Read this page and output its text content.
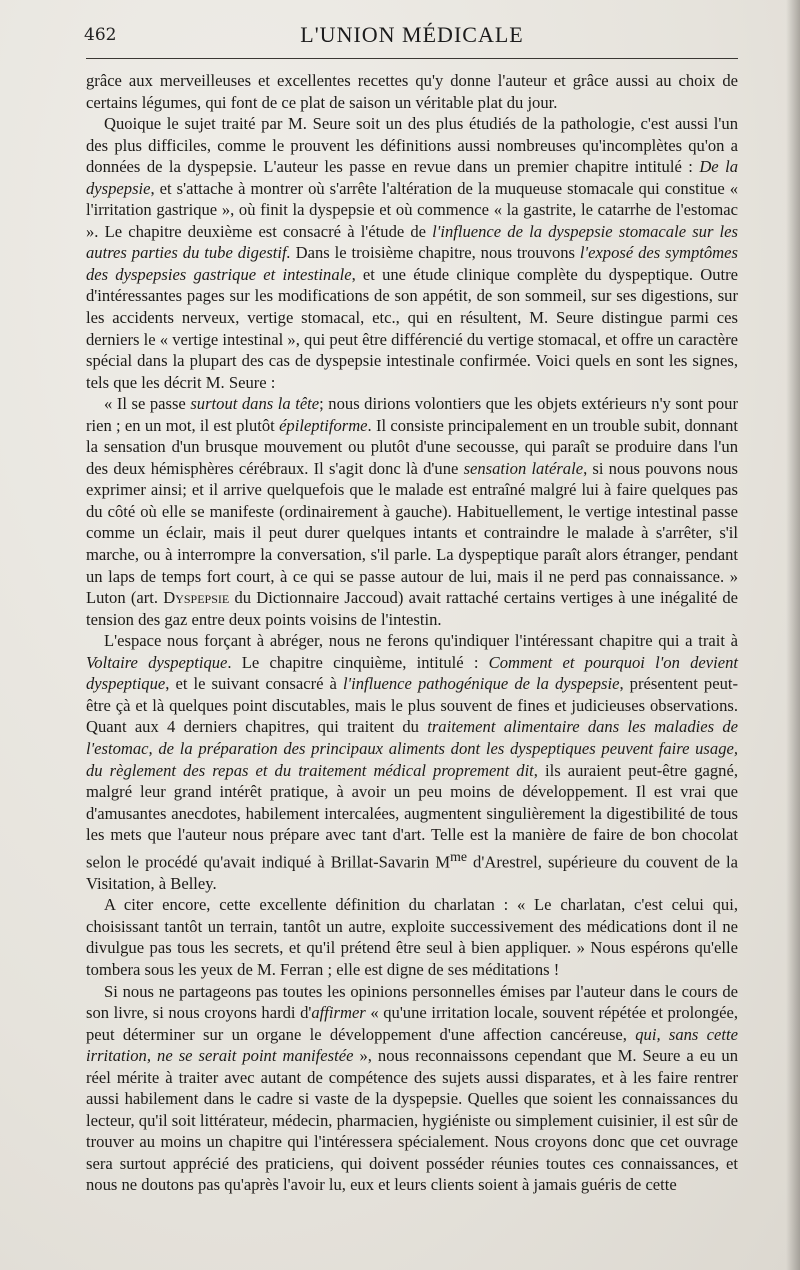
462	L'UNION MÉDICALE

grâce aux merveilleuses et excellentes recettes qu'y donne l'auteur et grâce aussi au choix de certains légumes, qui font de ce plat de saison un véritable plat du jour.

Quoique le sujet traité par M. Seure soit un des plus étudiés de la pathologie, c'est aussi l'un des plus difficiles, comme le prouvent les définitions aussi nombreuses qu'incomplètes qu'on a données de la dyspepsie. L'auteur les passe en revue dans un premier chapitre intitulé : De la dyspepsie, et s'attache à montrer où s'arrête l'altération de la muqueuse stomacale qui constitue « l'irritation gastrique », où finit la dyspepsie et où commence « la gastrite, le catarrhe de l'estomac ». Le chapitre deuxième est consacré à l'étude de l'influence de la dyspepsie stomacale sur les autres parties du tube digestif. Dans le troisième chapitre, nous trouvons l'exposé des symptômes des dyspepsies gastrique et intestinale, et une étude clinique complète du dyspeptique. Outre d'intéressantes pages sur les modifications de son appétit, de son sommeil, sur ses digestions, sur les accidents nerveux, vertige stomacal, etc., qui en résultent, M. Seure distingue parmi ces derniers le « vertige intestinal », qui peut être différencié du vertige stomacal, et offre un caractère spécial dans la plupart des cas de dyspepsie intestinale confirmée. Voici quels en sont les signes, tels que les décrit M. Seure :

« Il se passe surtout dans la tête; nous dirions volontiers que les objets extérieurs n'y sont pour rien ; en un mot, il est plutôt épileptiforme. Il consiste principalement en un trouble subit, donnant la sensation d'un brusque mouvement ou plutôt d'une secousse, qui paraît se produire dans l'un des deux hémisphères cérébraux. Il s'agit donc là d'une sensation latérale, si nous pouvons nous exprimer ainsi; et il arrive quelquefois que le malade est entraîné malgré lui à faire quelques pas du côté où elle se manifeste (ordinairement à gauche). Habituellement, le vertige intestinal passe comme un éclair, mais il peut durer quelques intants et contraindre le malade à s'arrêter, s'il marche, ou à interrompre la conversation, s'il parle. La dyspeptique paraît alors étranger, pendant un laps de temps fort court, à ce qui se passe autour de lui, mais il ne perd pas connaissance. » Luton (art. Dyspepsie du Dictionnaire Jaccoud) avait rattaché certains vertiges à une inégalité de tension des gaz entre deux points voisins de l'intestin.

L'espace nous forçant à abréger, nous ne ferons qu'indiquer l'intéressant chapitre qui a trait à Voltaire dyspeptique. Le chapitre cinquième, intitulé : Comment et pourquoi l'on devient dyspeptique, et le suivant consacré à l'influence pathogénique de la dyspepsie, présentent peut-être çà et là quelques point discutables, mais le plus souvent de fines et judicieuses observations. Quant aux 4 derniers chapitres, qui traitent du traitement alimentaire dans les maladies de l'estomac, de la préparation des principaux aliments dont les dyspeptiques peuvent faire usage, du règlement des repas et du traitement médical proprement dit, ils auraient peut-être gagné, malgré leur grand intérêt pratique, à avoir un peu moins de développement. Il est vrai que d'amusantes anecdotes, habilement intercalées, augmentent singulièrement la digestibilité de tous les mets que l'auteur nous prépare avec tant d'art. Telle est la manière de faire de bon chocolat selon le procédé qu'avait indiqué à Brillat-Savarin $M^{me}$ d'Arestrel, supérieure du couvent de la Visitation, à Belley.

A citer encore, cette excellente définition du charlatan : « Le charlatan, c'est celui qui, choisissant tantôt un terrain, tantôt un autre, exploite successivement des médications dont il ne divulgue pas tous les secrets, et qu'il prétend être seul à bien appliquer. » Nous espérons qu'elle tombera sous les yeux de M. Ferran ; elle est digne de ses méditations !

Si nous ne partageons pas toutes les opinions personnelles émises par l'auteur dans le cours de son livre, si nous croyons hardi d'affirmer « qu'une irritation locale, souvent répétée et prolongée, peut déterminer sur un organe le développement d'une affection cancéreuse, qui, sans cette irritation, ne se serait point manifestée », nous reconnaissons cependant que M. Seure a eu un réel mérite à traiter avec autant de compétence des sujets aussi disparates, et à les faire rentrer aussi habilement dans le cadre si vaste de la dyspepsie. Quelles que soient les connaissances du lecteur, qu'il soit littérateur, médecin, pharmacien, hygiéniste ou simplement cuisinier, il est sûr de trouver au moins un chapitre qui l'intéressera spécialement. Nous croyons donc que cet ouvrage sera surtout apprécié des praticiens, qui doivent posséder réunies toutes ces connaissances, et nous ne doutons pas qu'après l'avoir lu, eux et leurs clients soient à jamais guéris de cette
